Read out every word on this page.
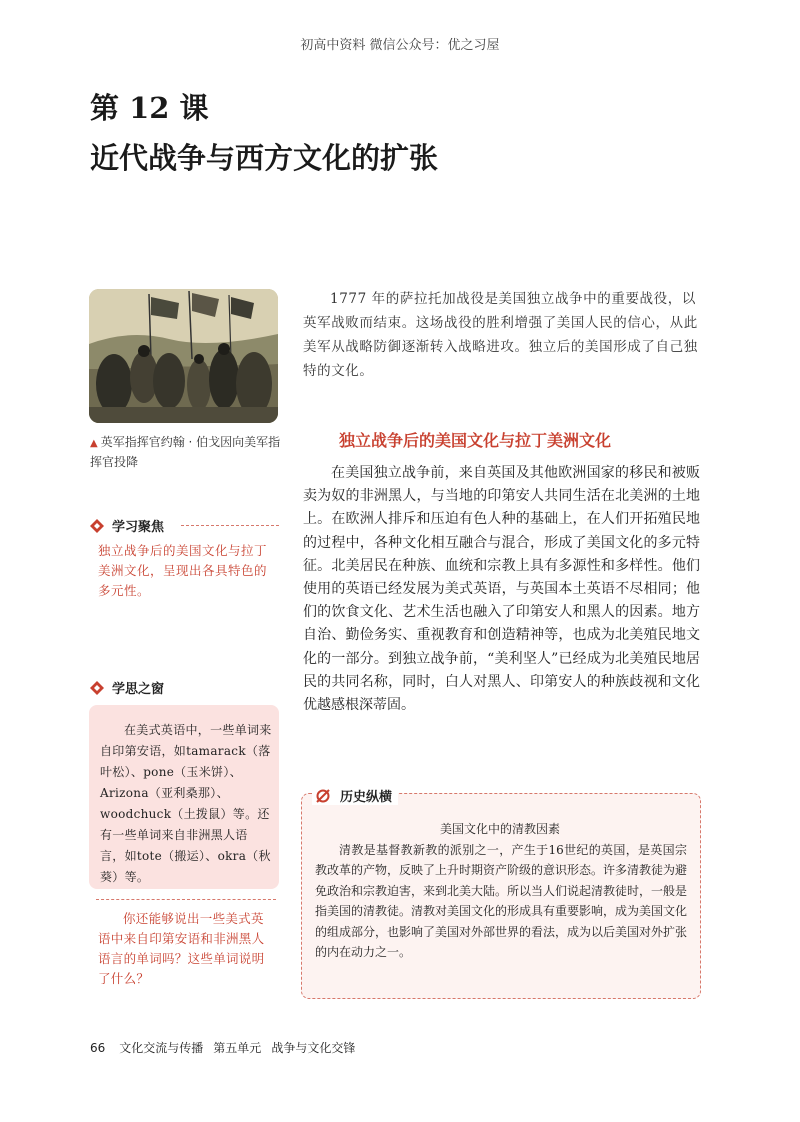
初高中资料 微信公众号：优之习屋
第 12 课
近代战争与西方文化的扩张
▲ 英军指挥官约翰 · 伯戈因向美军指挥官投降
学习聚焦
独立战争后的美国文化与拉丁美洲文化，呈现出各具特色的多元性。
学思之窗
在美式英语中，一些单词来自印第安语，如tamarack（落叶松）、pone（玉米饼）、Arizona（亚利桑那）、woodchuck（土拨鼠）等。还有一些单词来自非洲黑人语言，如tote（搬运）、okra（秋葵）等。
你还能够说出一些美式英语中来自印第安语和非洲黑人语言的单词吗？这些单词说明了什么？

1777 年的萨拉托加战役是美国独立战争中的重要战役，以英军战败而结束。这场战役的胜利增强了美国人民的信心，从此美军从战略防御逐渐转入战略进攻。独立后的美国形成了自己独特的文化。

独立战争后的美国文化与拉丁美洲文化

在美国独立战争前，来自英国及其他欧洲国家的移民和被贩卖为奴的非洲黑人，与当地的印第安人共同生活在北美洲的土地上。在欧洲人排斥和压迫有色人种的基础上，在人们开拓殖民地的过程中，各种文化相互融合与混合，形成了美国文化的多元特征。北美居民在种族、血统和宗教上具有多源性和多样性。他们使用的英语已经发展为美式英语，与英国本土英语不尽相同；他们的饮食文化、艺术生活也融入了印第安人和黑人的因素。地方自治、勤俭务实、重视教育和创造精神等，也成为北美殖民地文化的一部分。到独立战争前，“美利坚人”已经成为北美殖民地居民的共同名称，同时，白人对黑人、印第安人的种族歧视和文化优越感根深蒂固。

历史纵横
美国文化中的清教因素

清教是基督教新教的派别之一，产生于16世纪的英国，是英国宗教改革的产物，反映了上升时期资产阶级的意识形态。许多清教徒为避免政治和宗教迫害，来到北美大陆。所以当人们说起清教徒时，一般是指美国的清教徒。清教对美国文化的形成具有重要影响，成为美国文化的组成部分，也影响了美国对外部世界的看法，成为以后美国对外扩张的内在动力之一。

66 文化交流与传播 第五单元 战争与文化交锋
